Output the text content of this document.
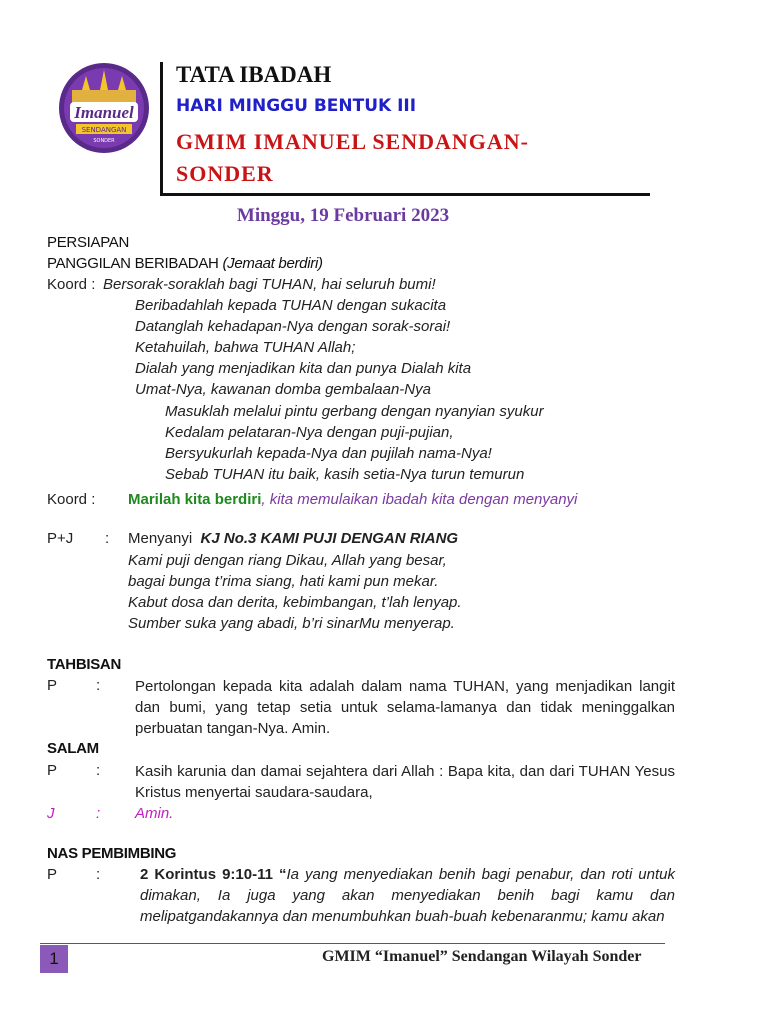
Imanuel
SENDANGAN
SONDER
TATA IBADAH
HARI MINGGU BENTUK III
GMIM IMANUEL SENDANGAN-
SONDER
Minggu, 19 Februari 2023
PERSIAPAN
PANGGILAN BERIBADAH (Jemaat berdiri)
Koord : Bersorak-soraklah bagi TUHAN, hai seluruh bumi!
Beribadahlah kepada TUHAN dengan sukacita
Datanglah kehadapan-Nya dengan sorak-sorai!
Ketahuilah, bahwa TUHAN Allah;
Dialah yang menjadikan kita dan punya Dialah kita
Umat-Nya, kawanan domba gembalaan-Nya
Masuklah melalui pintu gerbang dengan nyanyian syukur
Kedalam pelataran-Nya dengan puji-pujian,
Bersyukurlah kepada-Nya dan pujilah nama-Nya!
Sebab TUHAN itu baik, kasih setia-Nya turun temurun
Koord : Marilah kita berdiri, kita memulaikan ibadah kita dengan menyanyi
P+J : Menyanyi KJ No.3 KAMI PUJI DENGAN RIANG
Kami puji dengan riang Dikau, Allah yang besar,
bagai bunga t’rima siang, hati kami pun mekar.
Kabut dosa dan derita, kebimbangan, t’lah lenyap.
Sumber suka yang abadi, b’ri sinarMu menyerap.
TAHBISAN
P	: Pertolongan kepada kita adalah dalam nama TUHAN, yang menjadikan langit dan bumi, yang tetap setia untuk selama-lamanya dan tidak meninggalkan perbuatan tangan-Nya. Amin.
SALAM
P	: Kasih karunia dan damai sejahtera dari Allah : Bapa kita, dan dari TUHAN Yesus Kristus menyertai saudara-saudara,
J	: Amin.
NAS PEMBIMBING
P	:	2 Korintus 9:10-11 “Ia yang menyediakan benih bagi penabur, dan roti untuk dimakan, Ia juga yang akan menyediakan benih bagi kamu dan melipatgandakannya dan menumbuhkan buah-buah kebenaranmu; kamu akan
1	GMIM “Imanuel” Sendangan Wilayah Sonder
